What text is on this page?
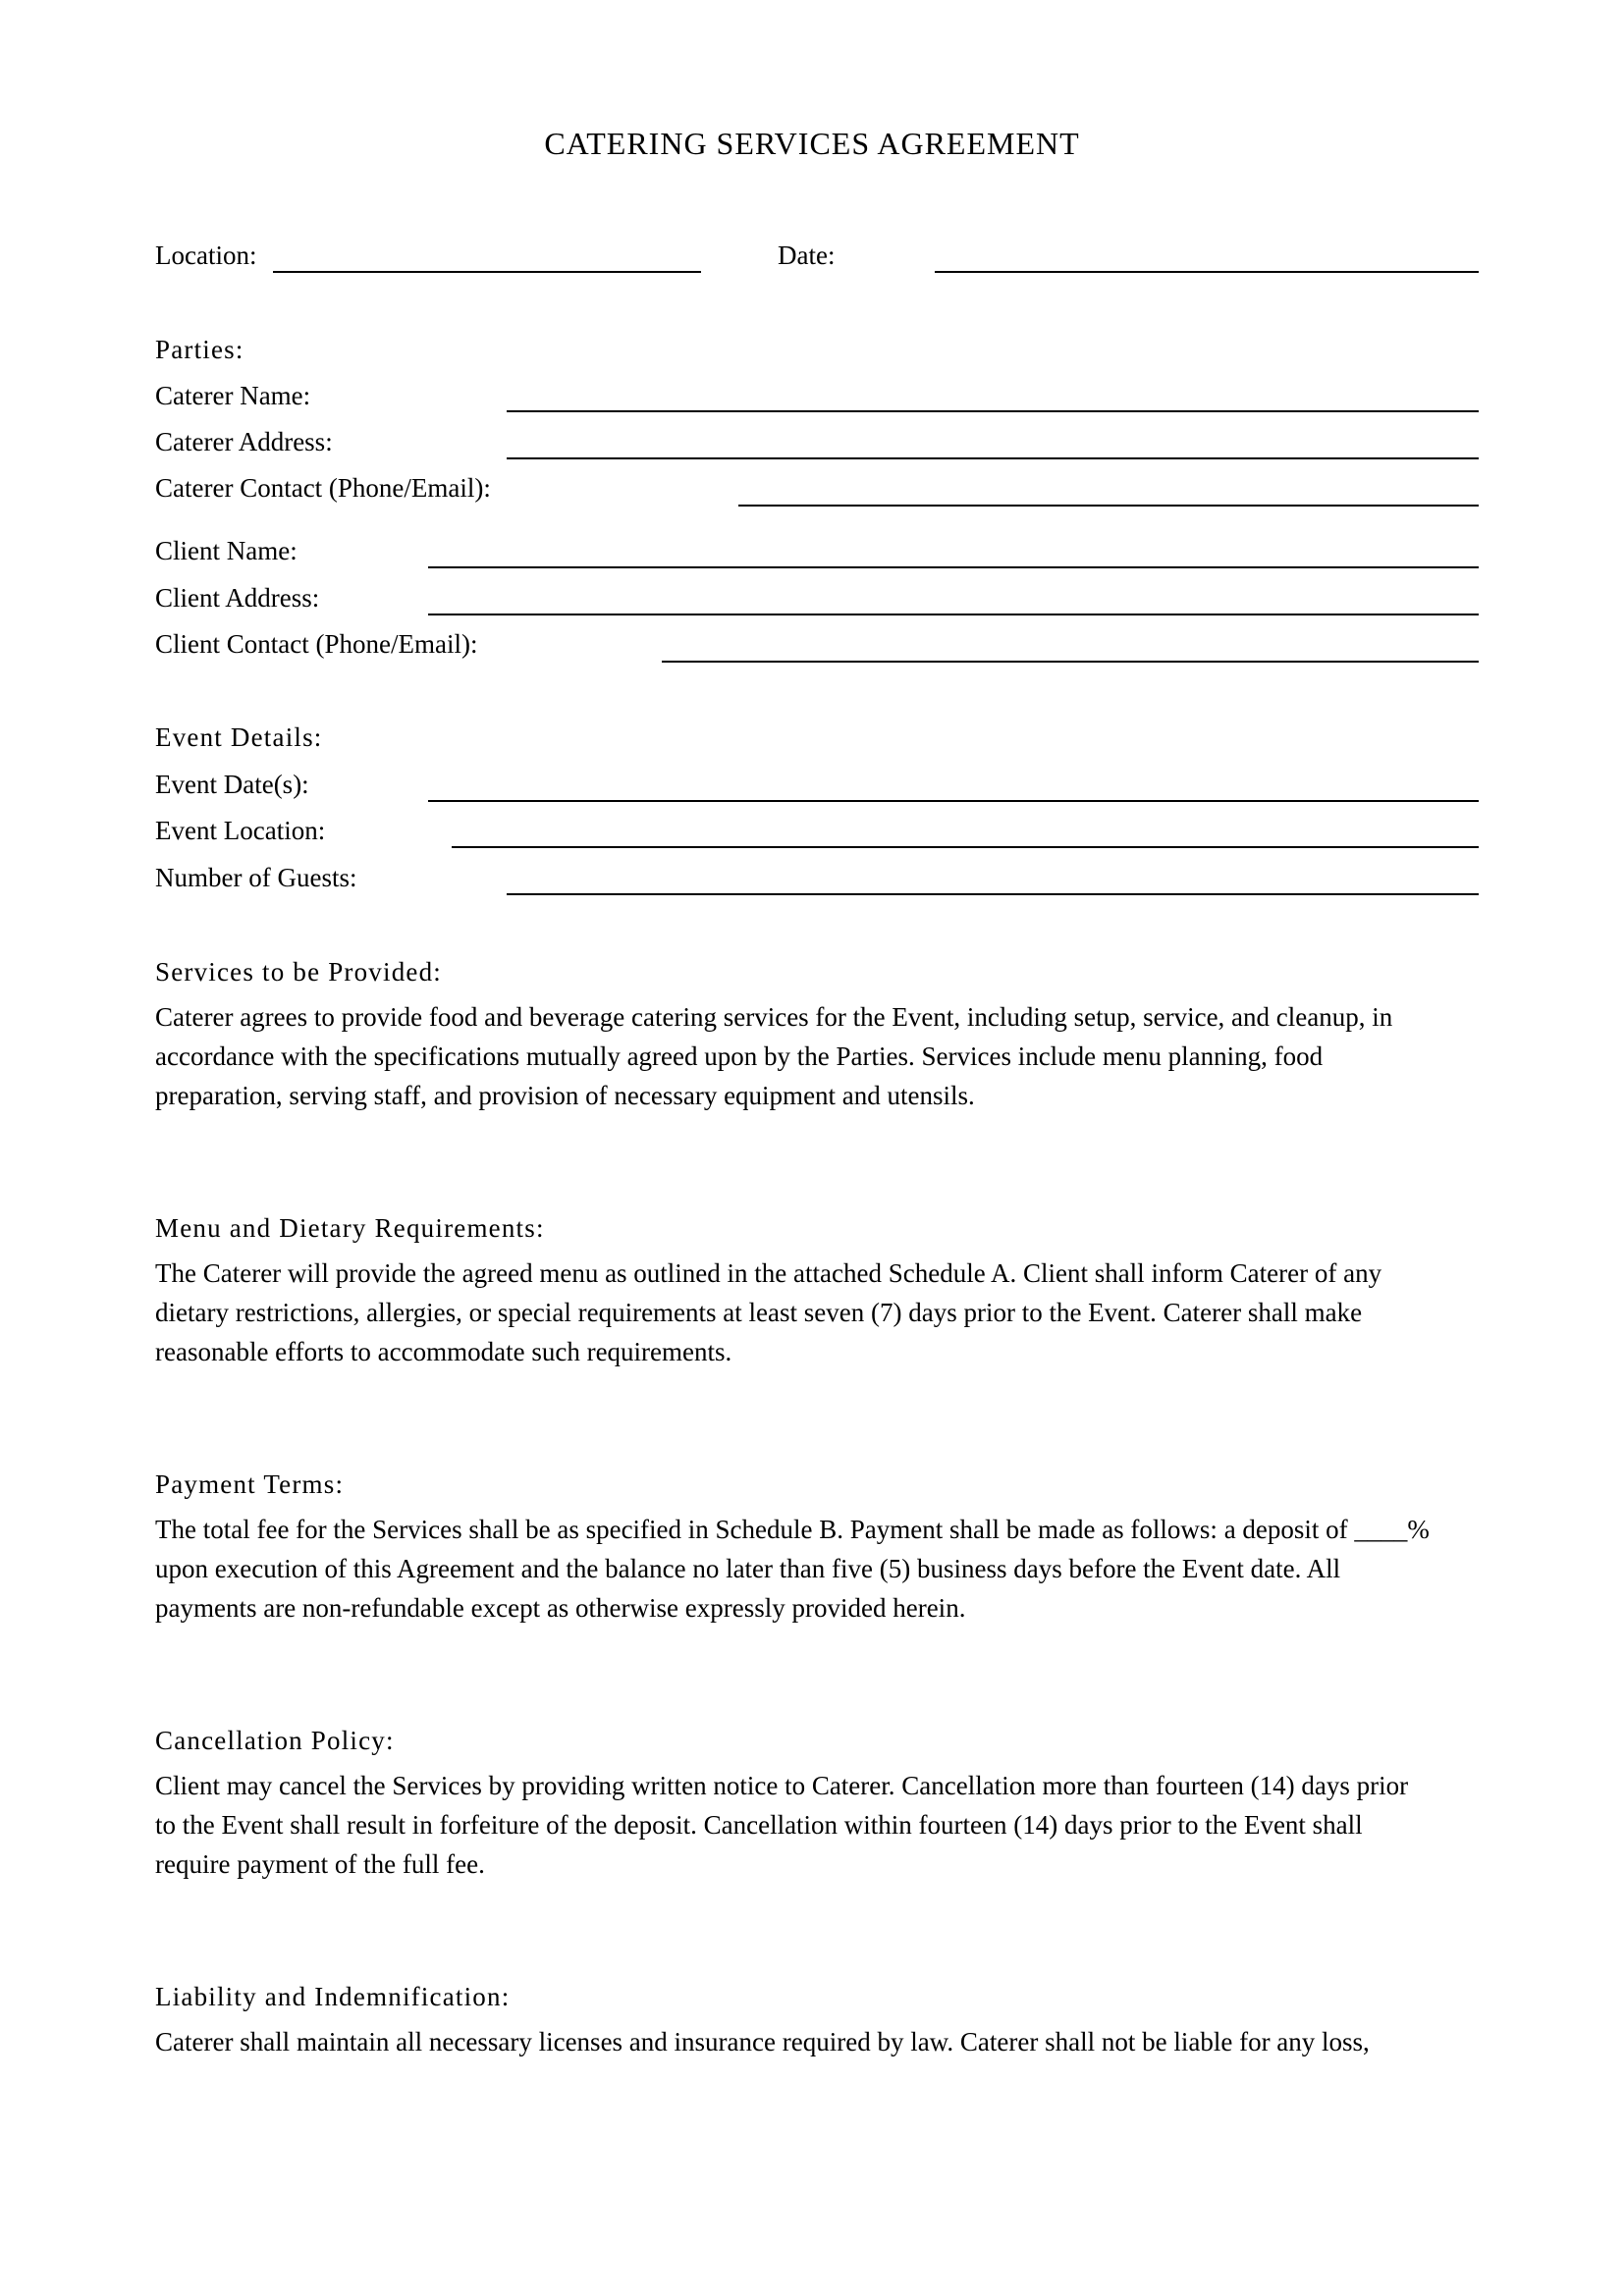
CATERING SERVICES AGREEMENT
Location:	Date:
Parties:
Caterer Name:
Caterer Address:
Caterer Contact (Phone/Email):
Client Name:
Client Address:
Client Contact (Phone/Email):
Event Details:
Event Date(s):
Event Location:
Number of Guests:
Services to be Provided:
Caterer agrees to provide food and beverage catering services for the Event, including setup, service, and cleanup, in
accordance with the specifications mutually agreed upon by the Parties. Services include menu planning, food
preparation, serving staff, and provision of necessary equipment and utensils.
Menu and Dietary Requirements:
The Caterer will provide the agreed menu as outlined in the attached Schedule A. Client shall inform Caterer of any
dietary restrictions, allergies, or special requirements at least seven (7) days prior to the Event. Caterer shall make
reasonable efforts to accommodate such requirements.
Payment Terms:
The total fee for the Services shall be as specified in Schedule B. Payment shall be made as follows: a deposit of ____%
upon execution of this Agreement and the balance no later than five (5) business days before the Event date. All
payments are non-refundable except as otherwise expressly provided herein.
Cancellation Policy:
Client may cancel the Services by providing written notice to Caterer. Cancellation more than fourteen (14) days prior
to the Event shall result in forfeiture of the deposit. Cancellation within fourteen (14) days prior to the Event shall
require payment of the full fee.
Liability and Indemnification:
Caterer shall maintain all necessary licenses and insurance required by law. Caterer shall not be liable for any loss,
